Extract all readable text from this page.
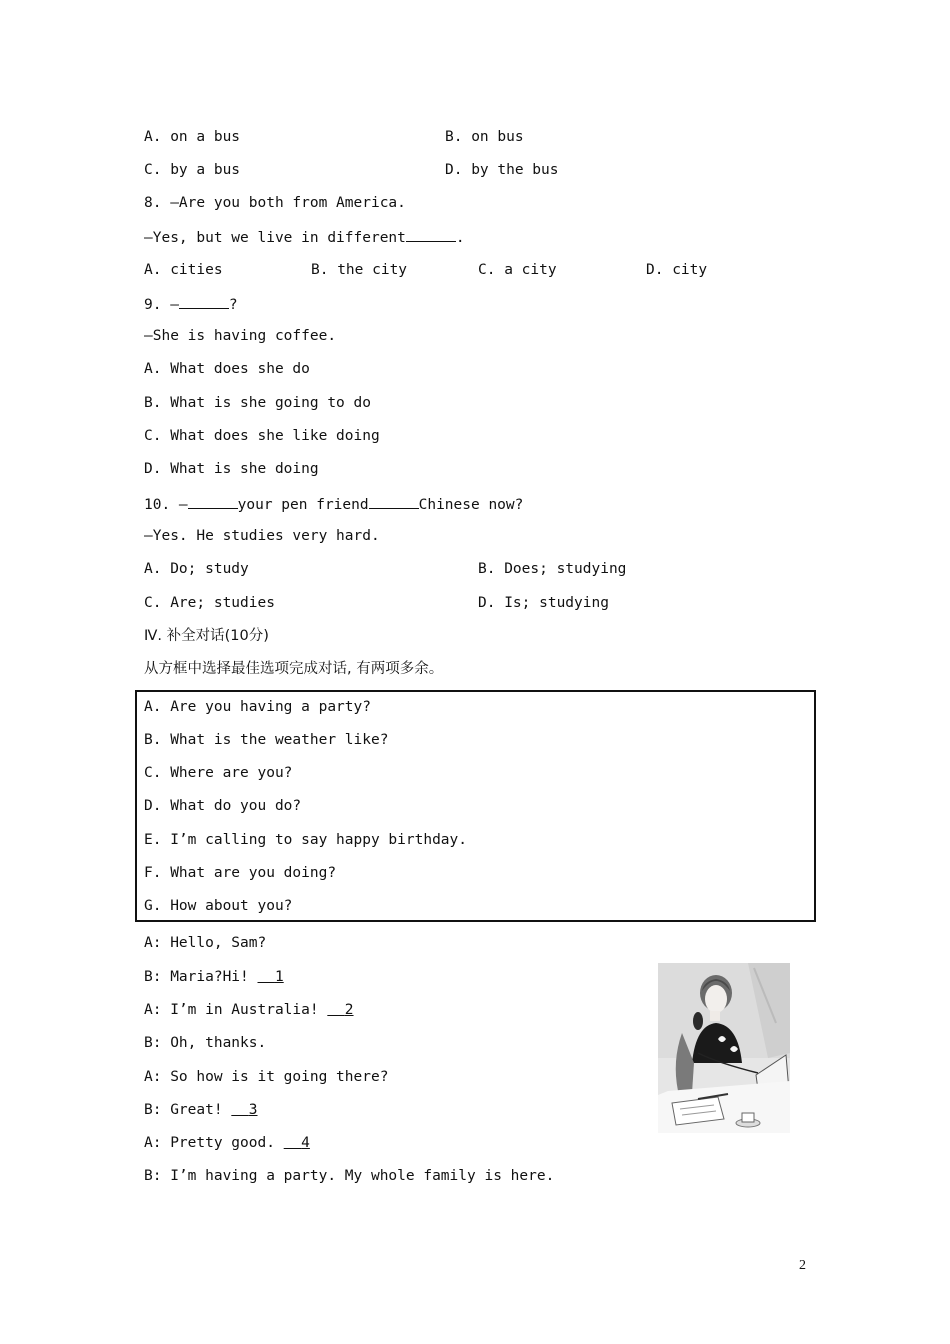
A. on a bus	B. on bus
C. by a bus	D. by the bus
8. —Are you both from America.
—Yes, but we live in different	.
A. cities	B. the city	C. a city	D. city
9. —	?
—She is having coffee.
A. What does she do
B. What is she going to do
C. What does she like doing
D. What is she doing
10. —	your pen friend	Chinese now?
—Yes. He studies very hard.
A. Do; study	B. Does; studying
C. Are; studies	D. Is; studying
Ⅳ. 补全对话(10分)
从方框中选择最佳选项完成对话, 有两项多余。
A. Are you having a party?
B. What is the weather like?
C. Where are you?
D. What do you do?
E. I’m calling to say happy birthday.
F. What are you doing?
G. How about you?
A: Hello, Sam?
B: Maria?Hi!   1
A: I’m in Australia!   2
B: Oh, thanks.
A: So how is it going there?
B: Great!   3
A: Pretty good.   4
B: I’m having a party. My whole family is here.
2
